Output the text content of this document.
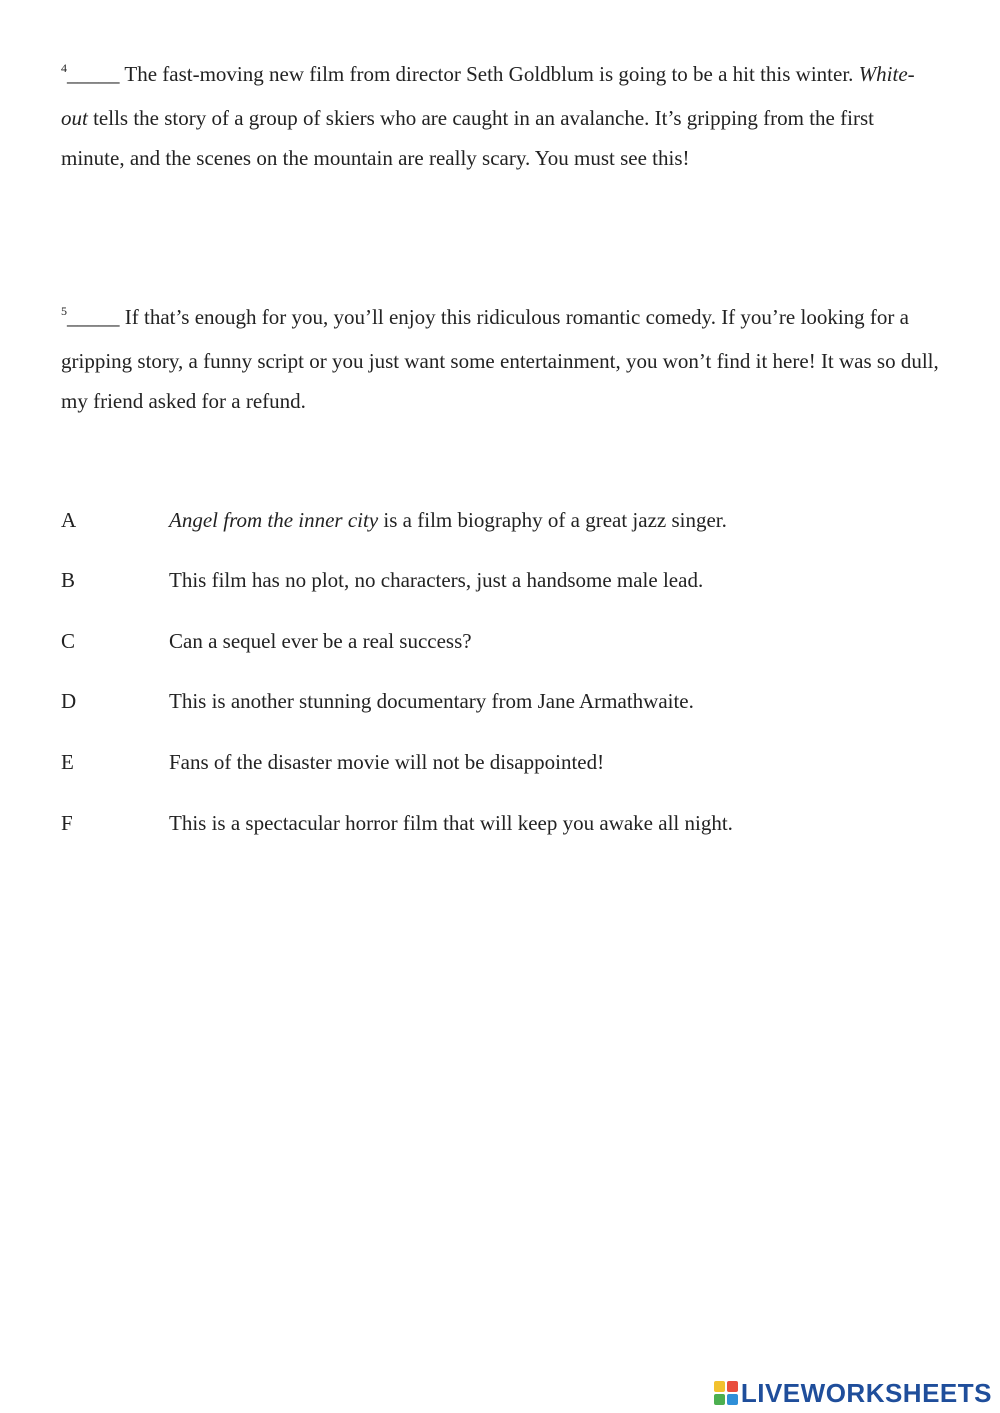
$^4$_____ The fast-moving new film from director Seth Goldblum is going to be a hit this winter. White-out tells the story of a group of skiers who are caught in an avalanche. It’s gripping from the first minute, and the scenes on the mountain are really scary. You must see this!

$^5$_____ If that’s enough for you, you’ll enjoy this ridiculous romantic comedy. If you’re looking for a gripping story, a funny script or you just want some entertainment, you won’t find it here! It was so dull, my friend asked for a refund.

A	Angel from the inner city is a film biography of a great jazz singer.
B	This film has no plot, no characters, just a handsome male lead.
C	Can a sequel ever be a real success?
D	This is another stunning documentary from Jane Armathwaite.
E	Fans of the disaster movie will not be disappointed!
F	This is a spectacular horror film that will keep you awake all night.
LIVEWORKSHEETS
